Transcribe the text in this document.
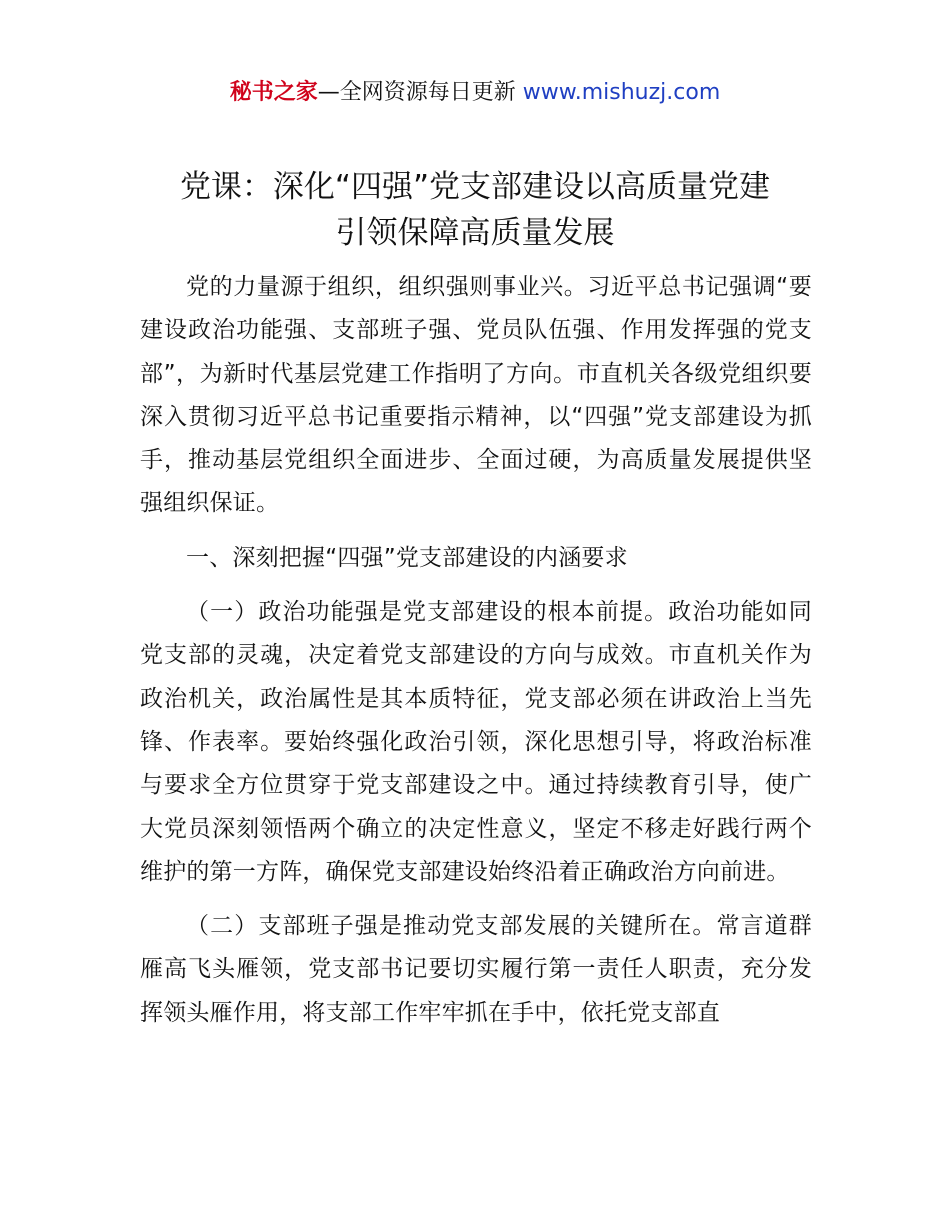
秘书之家—全网资源每日更新 www.mishuzj.com
党课：深化“四强”党支部建设以高质量党建
引领保障高质量发展

党的力量源于组织，组织强则事业兴。习近平总书记强调“要建设政治功能强、支部班子强、党员队伍强、作用发挥强的党支部”，为新时代基层党建工作指明了方向。市直机关各级党组织要深入贯彻习近平总书记重要指示精神，以“四强”党支部建设为抓手，推动基层党组织全面进步、全面过硬，为高质量发展提供坚强组织保证。

一、深刻把握“四强”党支部建设的内涵要求

（一）政治功能强是党支部建设的根本前提。政治功能如同党支部的灵魂，决定着党支部建设的方向与成效。市直机关作为政治机关，政治属性是其本质特征，党支部必须在讲政治上当先锋、作表率。要始终强化政治引领，深化思想引导，将政治标准与要求全方位贯穿于党支部建设之中。通过持续教育引导，使广大党员深刻领悟两个确立的决定性意义，坚定不移走好践行两个维护的第一方阵，确保党支部建设始终沿着正确政治方向前进。

（二）支部班子强是推动党支部发展的关键所在。常言道群雁高飞头雁领，党支部书记要切实履行第一责任人职责，充分发挥领头雁作用，将支部工作牢牢抓在手中，依托党支部直
